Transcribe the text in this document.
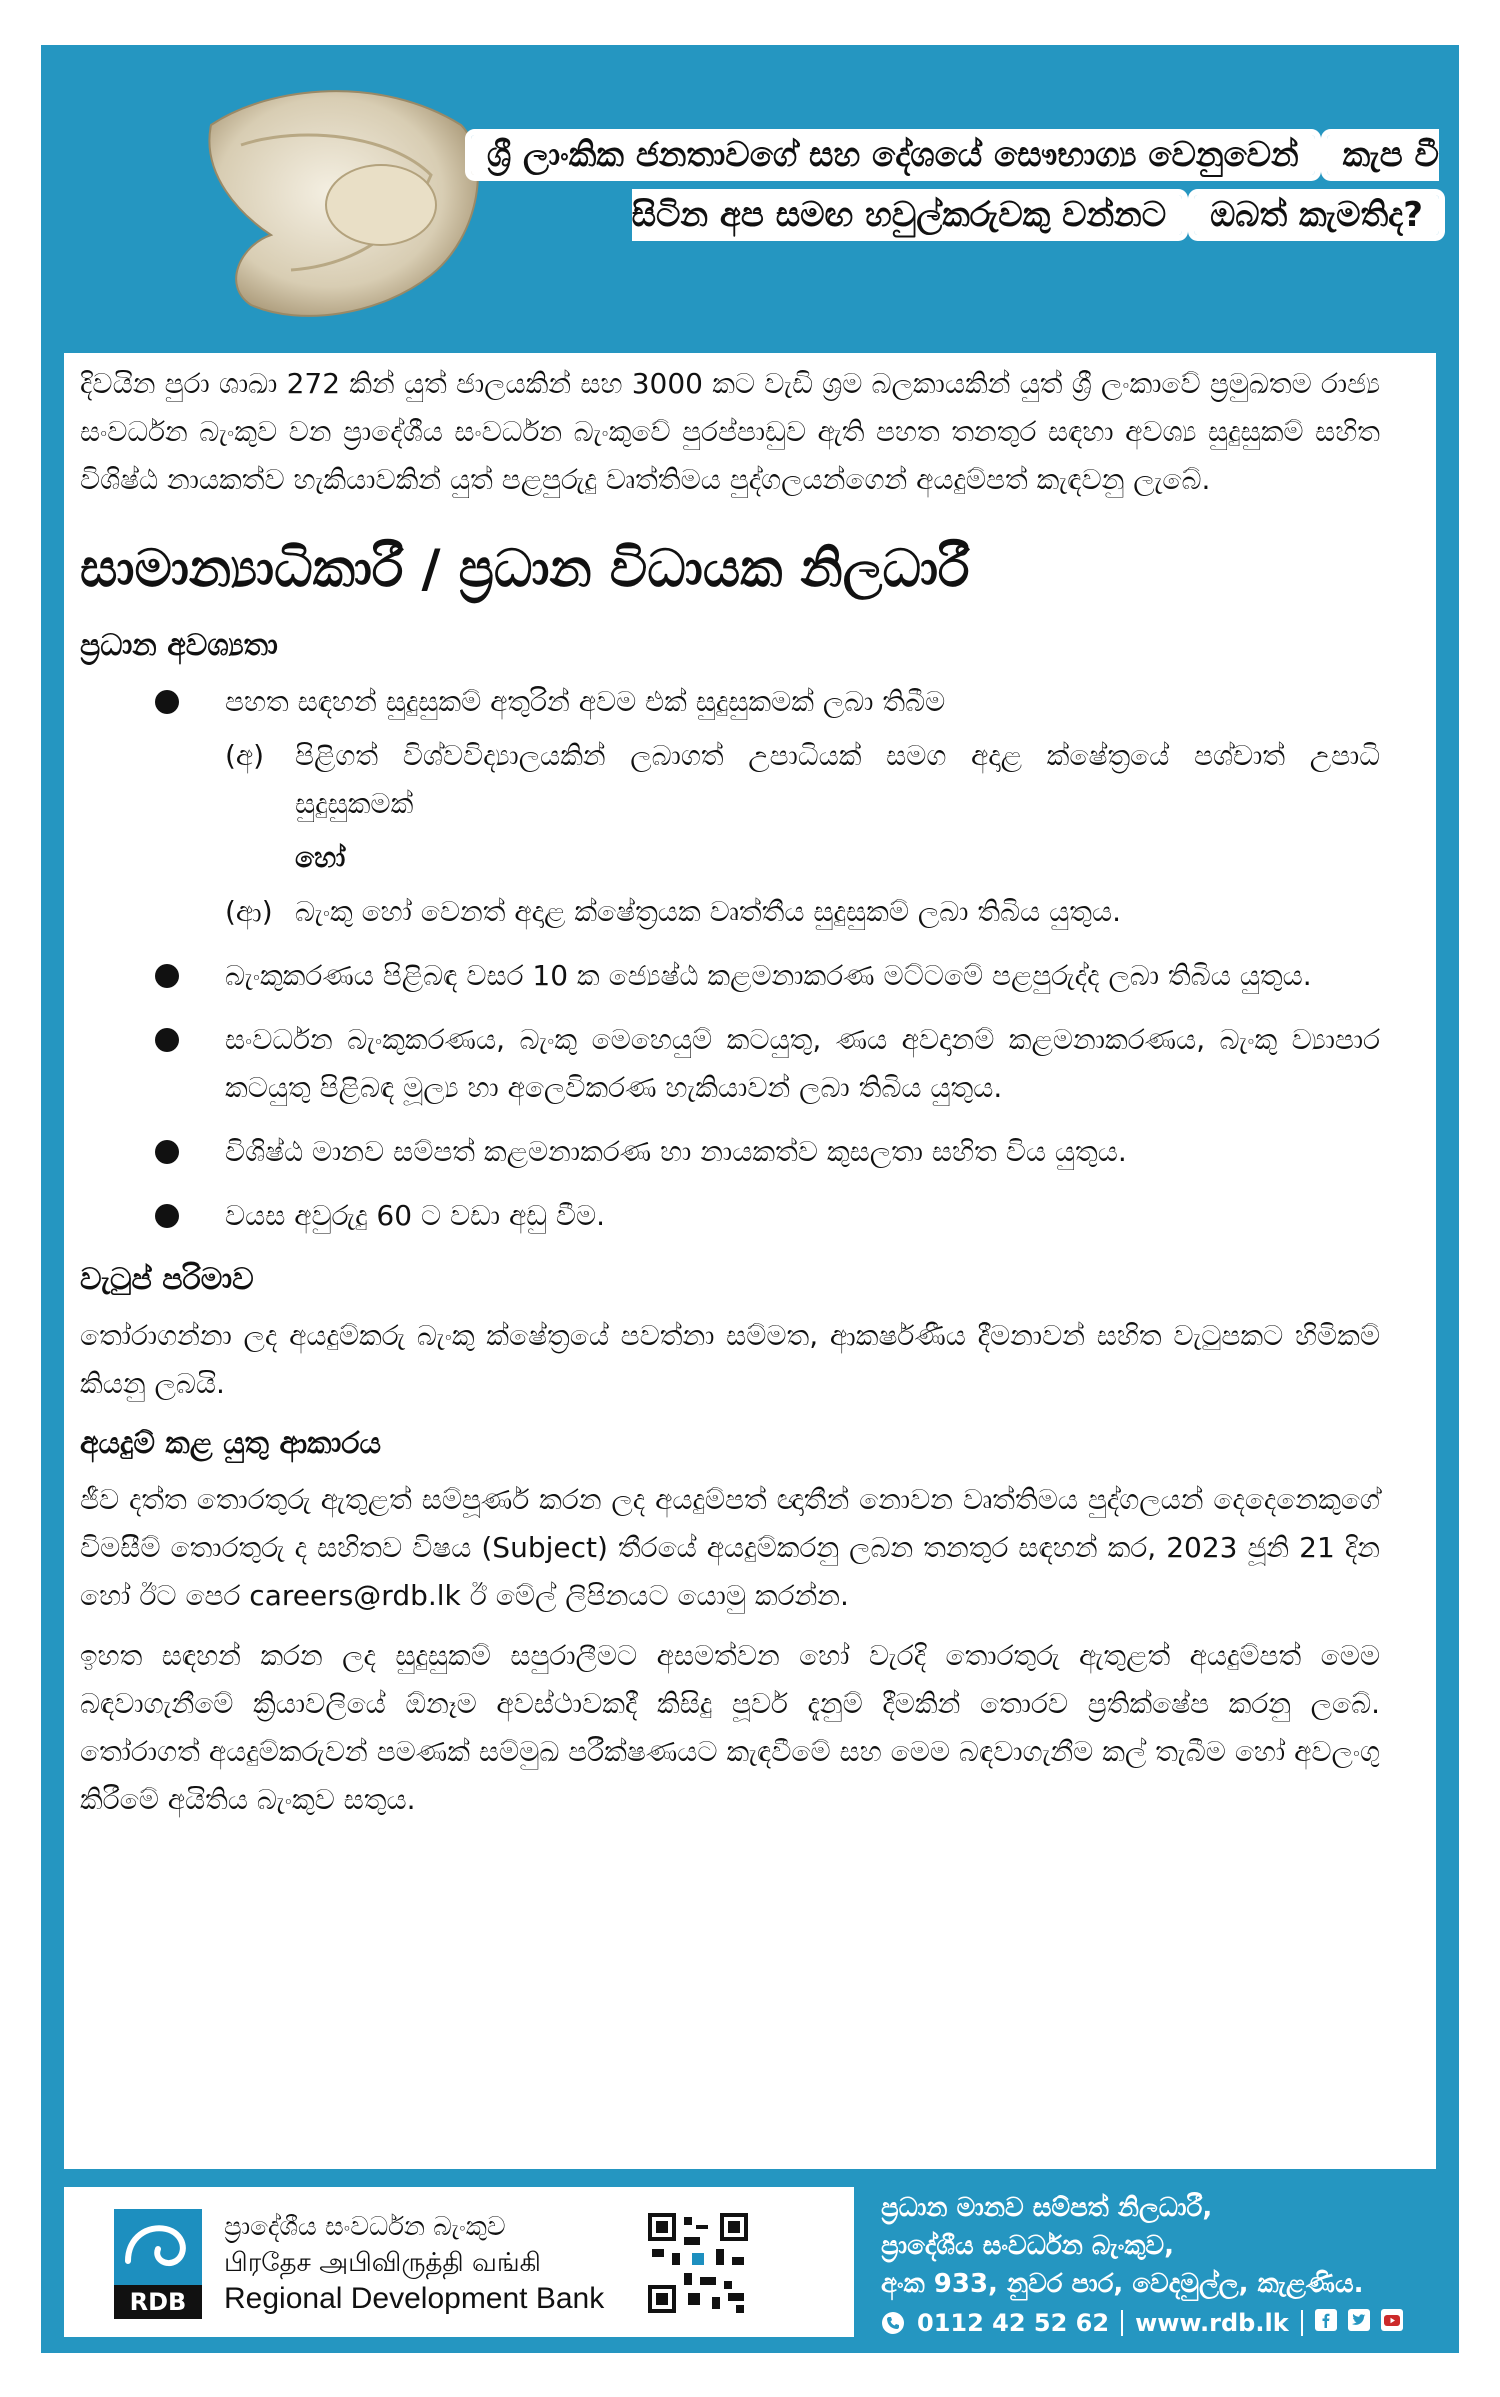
ශ්‍රී ලාංකික ජනතාවගේ සහ දේශයේ සෞභාග්‍ය වෙනුවෙන් කැප වී සිටින අප සමඟ හවුල්කරුවකු වන්නට ඔබත් කැමතිද?
RDB
ප්‍රාදේශීය සංවර්ධන බැංකුව
பிரதேச அபிவிருத்தி வங்கி
Regional Development Bank
ප්‍රධාන මානව සම්පත් නිලධාරී,
ප්‍රාදේශීය සංවර්ධන බැංකුව,
අංක 933, නුවර පාර, වෙදමුල්ල, කැළණිය.
0112 42 52 62 www.rdb.lk

දිවයින පුරා ශාඛා 272 කින් යුත් ජාලයකින් සහ 3000 කට වැඩි ශ්‍රම බලකායකින් යුත් ශ්‍රී ලංකාවේ ප්‍රමුඛතම රාජ්‍ය සංවර්ධන බැංකුව වන ප්‍රාදේශීය සංවර්ධන බැංකුවේ පුරප්පාඩුව ඇති පහත තනතුර සඳහා අවශ්‍ය සුදුසුකම් සහිත විශිෂ්ඨ නායකත්ව හැකියාවකින් යුත් පළපුරුදු වෘත්තිමය පුද්ගලයන්ගෙන් අයදුම්පත් කැඳවනු ලැබේ.

සාමාන්‍යාධිකාරී / ප්‍රධාන විධායක නිලධාරී
ප්‍රධාන අවශ්‍යතා
පහත සඳහන් සුදුසුකම් අතුරින් අවම එක් සුදුසුකමක් ලබා තිබීම
(අ)	පිළිගත් විශ්වවිද්‍යාලයකින් ලබාගත් උපාධියක් සමග අදාළ ක්ෂේත්‍රයේ පශ්චාත් උපාධි සුදුසුකමක්
හෝ
(ආ) බැංකු හෝ වෙනත් අදාළ ක්ෂේත්‍රයක වෘත්තීය සුදුසුකම් ලබා තිබිය යුතුය.
බැංකුකරණය පිළිබඳ වසර 10 ක ජ්‍යෙෂ්ඨ කළමනාකරණ මට්ටමේ පළපුරුද්ද ලබා තිබිය යුතුය.
සංවර්ධන බැංකුකරණය, බැංකු මෙහෙයුම් කටයුතු, ණය අවදානම් කළමනාකරණය, බැංකු ව්‍යාපාර කටයුතු පිළිබඳ මූල්‍ය හා අලෙවිකරණ හැකියාවන් ලබා තිබිය යුතුය.
විශිෂ්ඨ මානව සම්පත් කළමනාකරණ හා නායකත්ව කුසලතා සහිත විය යුතුය.
වයස අවුරුදු 60 ට වඩා අඩු වීම.
වැටුප් පරිමාව

තෝරාගන්නා ලද අයදුම්කරු බැංකු ක්ෂේත්‍රයේ පවත්නා සම්මත, ආකර්ෂණීය දීමනාවන් සහිත වැටුපකට හිමිකම් කියනු ලබයි.

අයදුම් කළ යුතු ආකාරය

ජීව දත්ත තොරතුරු ඇතුළත් සම්පූර්ණ කරන ලද අයදුම්පත් ඥාතීන් නොවන වෘත්තිමය පුද්ගලයන් දෙදෙනෙකුගේ විමසීම් තොරතුරු ද සහිතව විෂය (Subject) තීරයේ අයදුම්කරනු ලබන තනතුර සඳහන් කර, 2023 ජූනි 21 දින හෝ ඊට පෙර careers@rdb.lk ඊ මේල් ලිපිනයට යොමු කරන්න.

ඉහත සඳහන් කරන ලද සුදුසුකම් සපුරාලීමට අසමත්වන හෝ වැරදි තොරතුරු ඇතුළත් අයදුම්පත් මෙම බඳවාගැනීමේ ක්‍රියාවලියේ ඕනෑම අවස්ථාවකදී කිසිදු පූර්ව දැනුම් දීමකින් තොරව ප්‍රතික්ෂේප කරනු ලබේ. තෝරාගත් අයදුම්කරුවන් පමණක් සම්මුඛ පරීක්ෂණයට කැඳවීමේ සහ මෙම බඳවාගැනීම කල් තැබීම හෝ අවලංගු කිරීමේ අයිතිය බැංකුව සතුය.
